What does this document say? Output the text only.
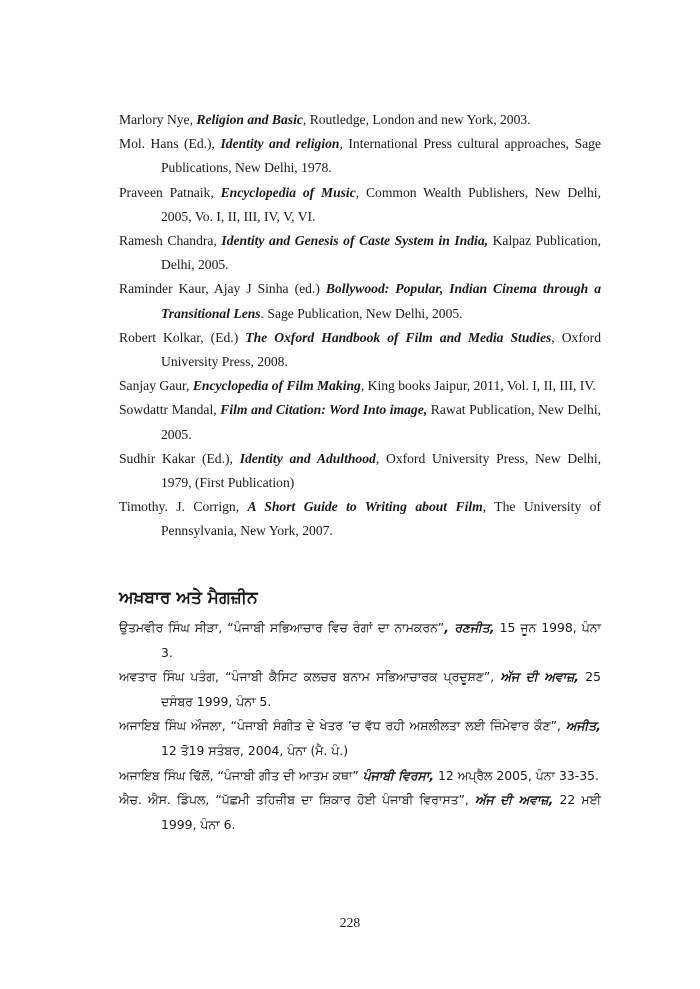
Marlory Nye, Religion and Basic, Routledge, London and new York, 2003.

Mol. Hans (Ed.), Identity and religion, International Press cultural approaches, Sage Publications, New Delhi, 1978.

Praveen Patnaik, Encyclopedia of Music, Common Wealth Publishers, New Delhi, 2005, Vo. I, II, III, IV, V, VI.

Ramesh Chandra, Identity and Genesis of Caste System in India, Kalpaz Publication, Delhi, 2005.

Raminder Kaur, Ajay J Sinha (ed.) Bollywood: Popular, Indian Cinema through a Transitional Lens. Sage Publication, New Delhi, 2005.

Robert Kolkar, (Ed.) The Oxford Handbook of Film and Media Studies, Oxford University Press, 2008.

Sanjay Gaur, Encyclopedia of Film Making, King books Jaipur, 2011, Vol. I, II, III, IV.

Sowdattr Mandal, Film and Citation: Word Into image, Rawat Publication, New Delhi, 2005.

Sudhir Kakar (Ed.), Identity and Adulthood, Oxford University Press, New Delhi, 1979, (First Publication)

Timothy. J. Corrign, A Short Guide to Writing about Film, The University of Pennsylvania, New York, 2007.

ਅਖ਼ਬਾਰ ਅਤੇ ਮੈਗਜ਼ੀਨ

ਉਤਮਵੀਰ ਸਿੰਘ ਸੀੜਾ, “ਪੰਜਾਬੀ ਸਭਿਆਚਾਰ ਵਿਚ ਰੰਗਾਂ ਦਾ ਨਾਮਕਰਨ”, ਰਣਜੀਤ, 15 ਜੂਨ 1998, ਪੰਨਾ 3.

ਅਵਤਾਰ ਸਿੰਘ ਪਤੰਗ, “ਪੰਜਾਬੀ ਕੈਸਿਟ ਕਲਚਰ ਬਨਾਮ ਸਭਿਆਚਾਰਕ ਪ੍ਰਦੂਸ਼ਣ”, ਅੱਜ ਦੀ ਅਵਾਜ਼, 25 ਦਸੰਬਰ 1999, ਪੰਨਾ 5.

ਅਜਾਇਬ ਸਿੰਘ ਔਜਲਾ, “ਪੰਜਾਬੀ ਸੰਗੀਤ ਦੇ ਖੇਤਰ ’ਚ ਵੱਧ ਰਹੀ ਅਸ਼ਲੀਲਤਾ ਲਈ ਜ਼ਿੰਮੇਵਾਰ ਕੌਣ”, ਅਜੀਤ, 12 ਤੋ19 ਸਤੰਬਰ, 2004, ਪੰਨਾ (ਮੈ. ਪੰ.)

ਅਜਾਇਬ ਸਿੰਘ ਢਿੱਲੋਂ, “ਪੰਜਾਬੀ ਗੀਤ ਦੀ ਆਤਮ ਕਥਾ” ਪੰਜਾਬੀ ਵਿਰਸਾ, 12 ਅਪ੍ਰੈਲ 2005, ਪੰਨਾ 33-35.

ਐਚ. ਐਸ. ਡਿੰਪਲ, “ਪੱਛਮੀ ਤਹਿਜ਼ੀਬ ਦਾ ਸ਼ਿਕਾਰ ਹੋਈ ਪੰਜਾਬੀ ਵਿਰਾਸਤ”, ਅੱਜ ਦੀ ਅਵਾਜ਼, 22 ਮਈ 1999, ਪੰਨਾ 6.

228
